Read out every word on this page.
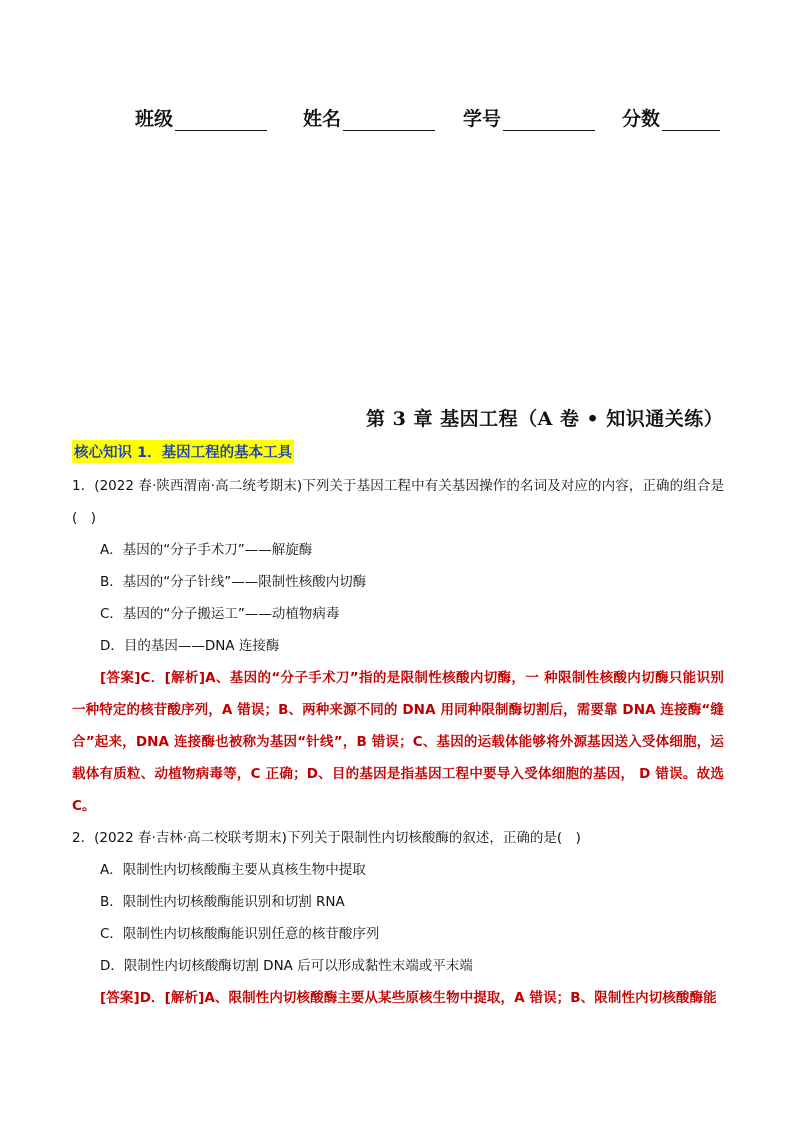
班级	姓名	学号	分数
第 3 章 基因工程（A 卷 • 知识通关练）
核心知识 1．基因工程的基本工具

1．(2022 春·陕西渭南·高二统考期末)下列关于基因工程中有关基因操作的名词及对应的内容，正确的组合是(　)

A．基因的“分子手术刀”——解旋酶

B．基因的“分子针线”——限制性核酸内切酶

C．基因的“分子搬运工”——动植物病毒

D．目的基因——DNA 连接酶

[答案]C．[解析]A、基因的“分子手术刀”指的是限制性核酸内切酶，一 种限制性核酸内切酶只能识别一种特定的核苷酸序列，A 错误；B、两种来源不同的 DNA 用同种限制酶切割后，需要靠 DNA 连接酶“缝合”起来，DNA 连接酶也被称为基因“针线”，B 错误；C、基因的运载体能够将外源基因送入受体细胞，运载体有质粒、动植物病毒等，C 正确；D、目的基因是指基因工程中要导入受体细胞的基因， D 错误。故选 C。

2．(2022 春·吉林·高二校联考期末)下列关于限制性内切核酸酶的叙述，正确的是(　)

A．限制性内切核酸酶主要从真核生物中提取

B．限制性内切核酸酶能识别和切割 RNA

C．限制性内切核酸酶能识别任意的核苷酸序列

D．限制性内切核酸酶切割 DNA 后可以形成黏性末端或平末端

[答案]D．[解析]A、限制性内切核酸酶主要从某些原核生物中提取，A 错误；B、限制性内切核酸酶能
